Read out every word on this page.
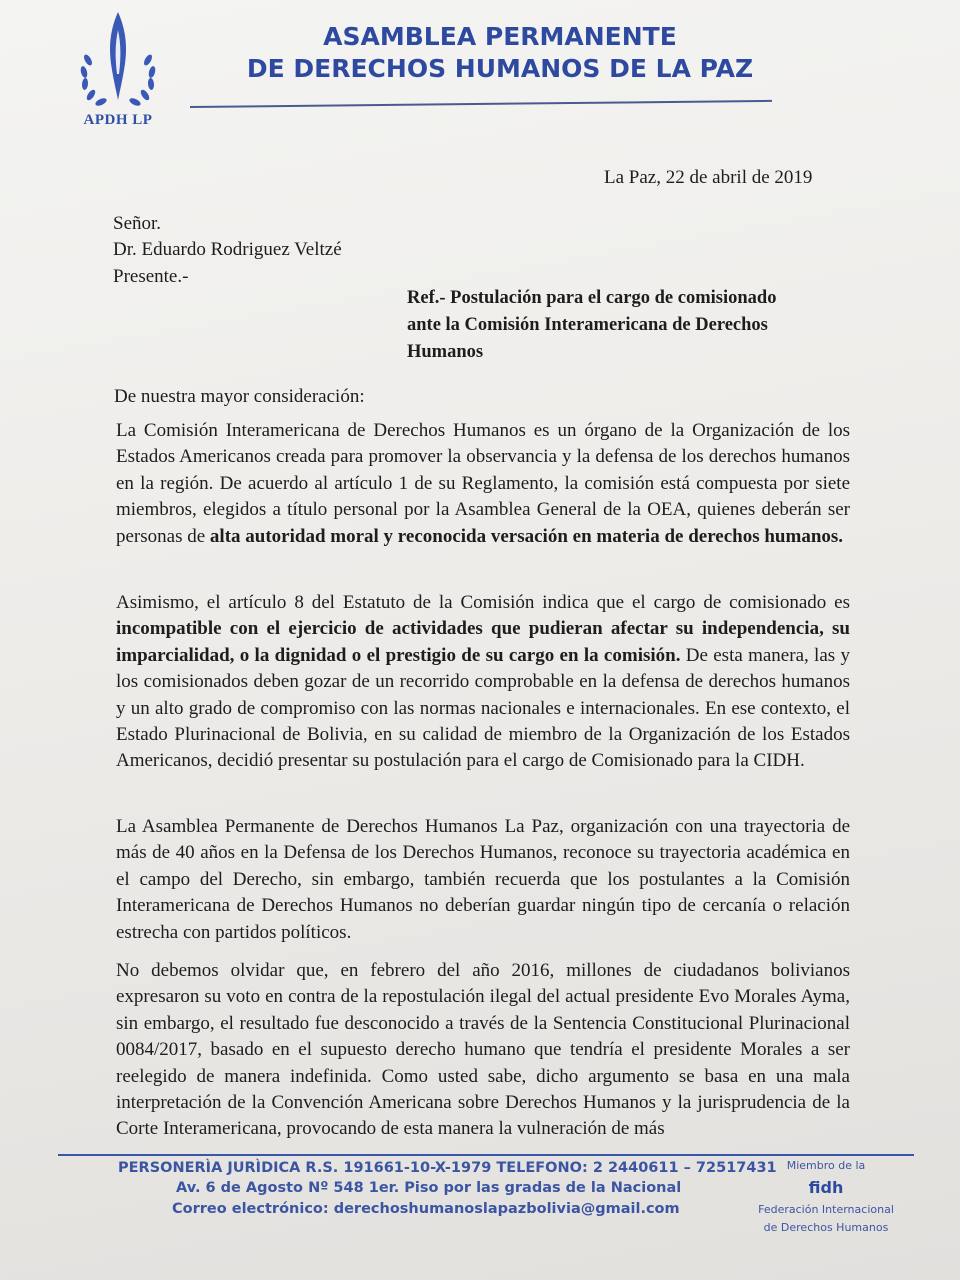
APDH LP
ASAMBLEA PERMANENTE
DE DERECHOS HUMANOS DE LA PAZ
La Paz, 22 de abril de 2019
Señor.
Dr. Eduardo Rodriguez Veltzé
Presente.-
Ref.- Postulación para el cargo de comisionado
ante la Comisión Interamericana de Derechos
Humanos
De nuestra mayor consideración:

La Comisión Interamericana de Derechos Humanos es un órgano de la Organización de los Estados Americanos creada para promover la observancia y la defensa de los derechos humanos en la región. De acuerdo al artículo 1 de su Reglamento, la comisión está compuesta por siete miembros, elegidos a título personal por la Asamblea General de la OEA, quienes deberán ser personas de alta autoridad moral y reconocida versación en materia de derechos humanos.

Asimismo, el artículo 8 del Estatuto de la Comisión indica que el cargo de comisionado es incompatible con el ejercicio de actividades que pudieran afectar su independencia, su imparcialidad, o la dignidad o el prestigio de su cargo en la comisión. De esta manera, las y los comisionados deben gozar de un recorrido comprobable en la defensa de derechos humanos y un alto grado de compromiso con las normas nacionales e internacionales. En ese contexto, el Estado Plurinacional de Bolivia, en su calidad de miembro de la Organización de los Estados Americanos, decidió presentar su postulación para el cargo de Comisionado para la CIDH.

La Asamblea Permanente de Derechos Humanos La Paz, organización con una trayectoria de más de 40 años en la Defensa de los Derechos Humanos, reconoce su trayectoria académica en el campo del Derecho, sin embargo, también recuerda que los postulantes a la Comisión Interamericana de Derechos Humanos no deberían guardar ningún tipo de cercanía o relación estrecha con partidos políticos.

No debemos olvidar que, en febrero del año 2016, millones de ciudadanos bolivianos expresaron su voto en contra de la repostulación ilegal del actual presidente Evo Morales Ayma, sin embargo, el resultado fue desconocido a través de la Sentencia Constitucional Plurinacional 0084/2017, basado en el supuesto derecho humano que tendría el presidente Morales a ser reelegido de manera indefinida. Como usted sabe, dicho argumento se basa en una mala interpretación de la Convención Americana sobre Derechos Humanos y la jurisprudencia de la Corte Interamericana, provocando de esta manera la vulneración de más

PERSONERÌA JURÌDICA R.S. 191661-10-X-1979 TELEFONO: 2 2440611 – 72517431
Av. 6 de Agosto Nº 548 1er. Piso por las gradas de la Nacional
Correo electrónico: derechoshumanoslapazbolivia@gmail.com
Miembro de la
fidh
Federación Internacional
de Derechos Humanos
